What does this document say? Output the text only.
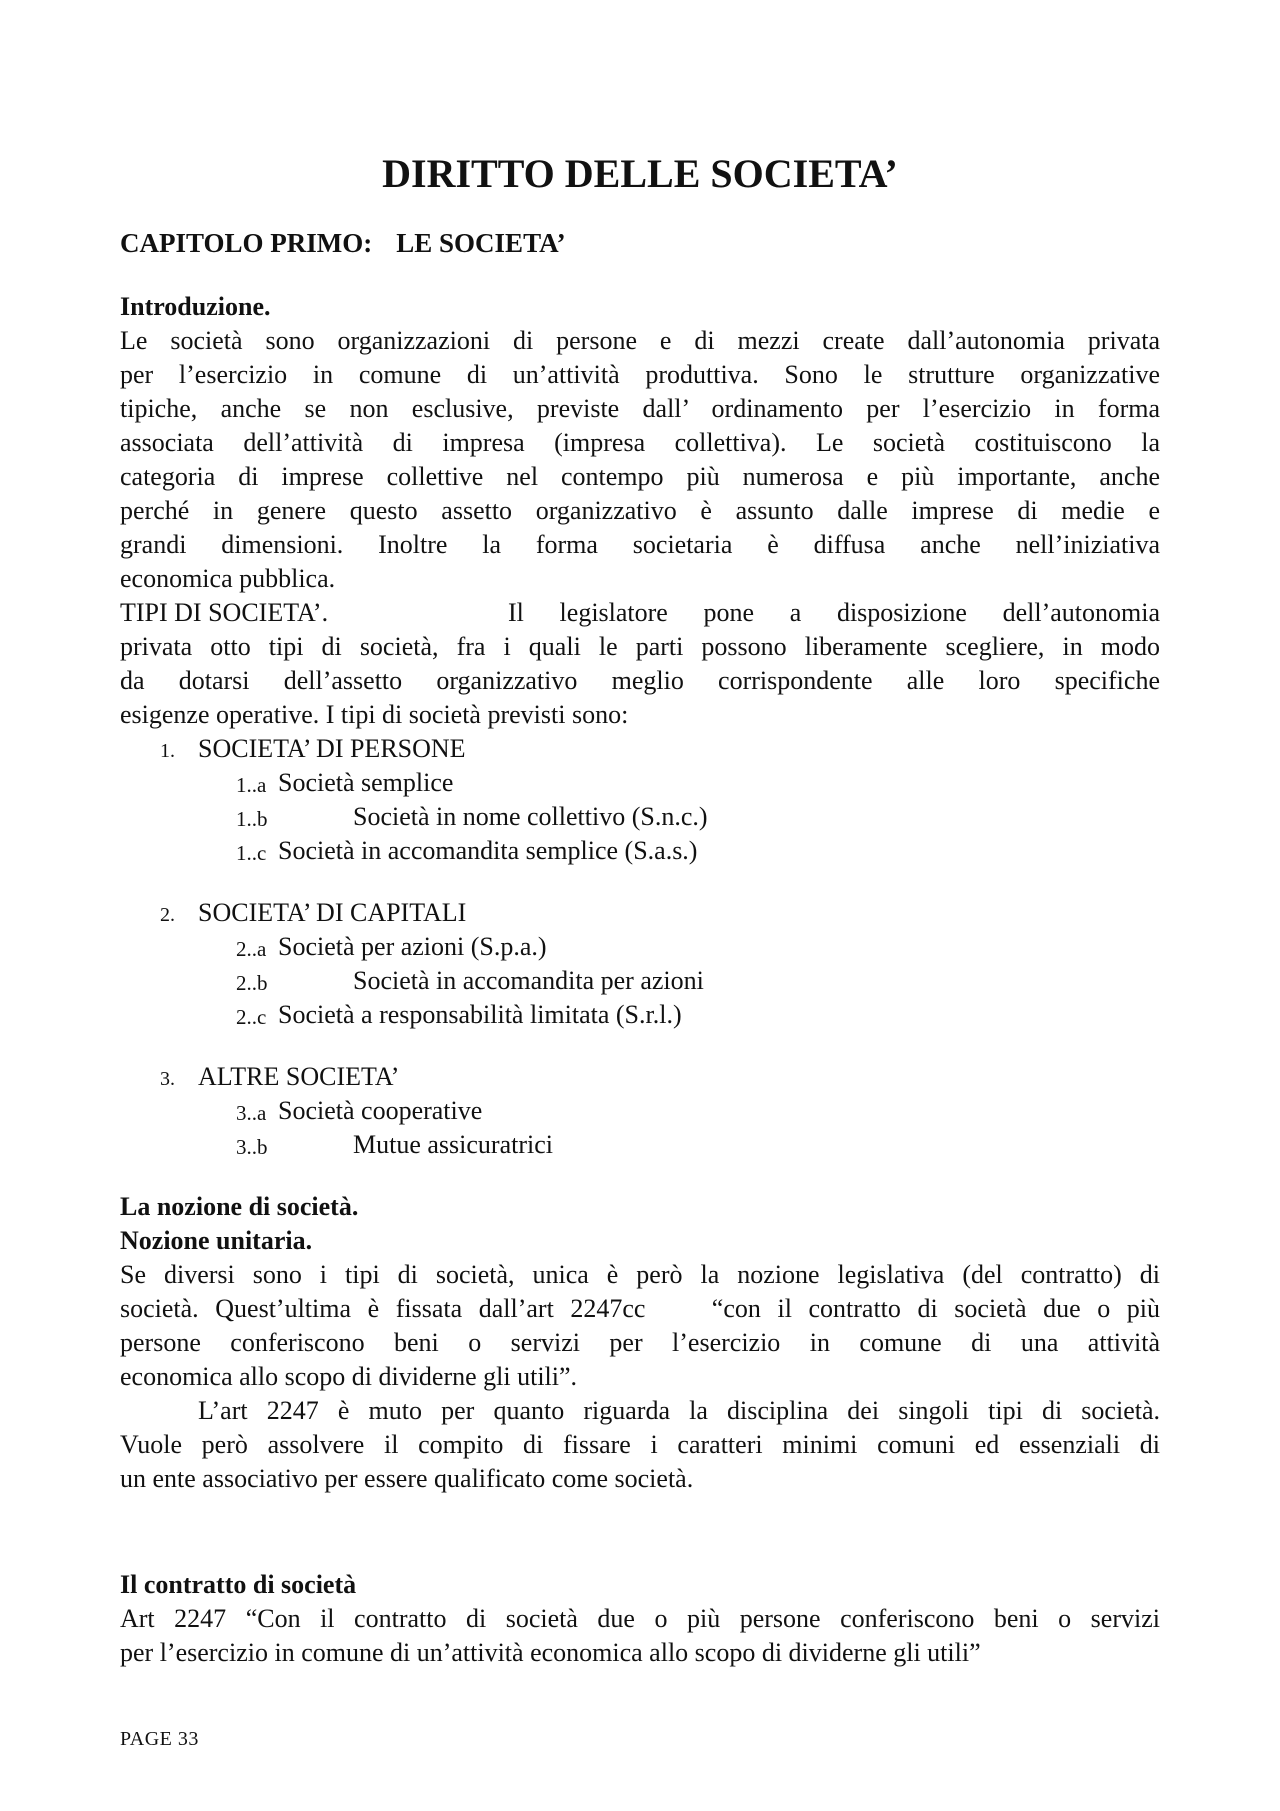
DIRITTO DELLE SOCIETA’
CAPITOLO PRIMO: LE SOCIETA’
Introduzione.
Le società sono organizzazioni di persone e di mezzi create dall’autonomia privata
per l’esercizio in comune di un’attività produttiva. Sono le strutture organizzative
tipiche, anche se non esclusive, previste dall’ ordinamento per l’esercizio in forma
associata dell’attività di impresa (impresa collettiva). Le società costituiscono la
categoria di imprese collettive nel contempo più numerosa e più importante, anche
perché in genere questo assetto organizzativo è assunto dalle imprese di medie e
grandi dimensioni. Inoltre la forma societaria è diffusa anche nell’iniziativa
economica pubblica.
TIPI DI SOCIETA’.	Il legislatore pone a disposizione dell’autonomia
privata otto tipi di società, fra i quali le parti possono liberamente scegliere, in modo
da dotarsi dell’assetto organizzativo meglio corrispondente alle loro specifiche
esigenze operative. I tipi di società previsti sono:
1. SOCIETA’ DI PERSONE
1..a Società semplice
1..b	Società in nome collettivo (S.n.c.)
1..c Società in accomandita semplice (S.a.s.)
2. SOCIETA’ DI CAPITALI
2..a Società per azioni (S.p.a.)
2..b	Società in accomandita per azioni
2..c Società a responsabilità limitata (S.r.l.)
3. ALTRE SOCIETA’
3..a Società cooperative
3..b	Mutue assicuratrici
La nozione di società.
Nozione unitaria.
Se diversi sono i tipi di società, unica è però la nozione legislativa (del contratto) di
società. Quest’ultima è fissata dall’art 2247cc    “con il contratto di società due o più
persone conferiscono beni o servizi per l’esercizio in comune di una attività
economica allo scopo di dividerne gli utili”.
L’art 2247 è muto per quanto riguarda la disciplina dei singoli tipi di società.
Vuole però assolvere il compito di fissare i caratteri minimi comuni ed essenziali di
un ente associativo per essere qualificato come società.
Il contratto di società
Art 2247 “Con il contratto di società due o più persone conferiscono beni o servizi
per l’esercizio in comune di un’attività economica allo scopo di dividerne gli utili”
PAGE 33
